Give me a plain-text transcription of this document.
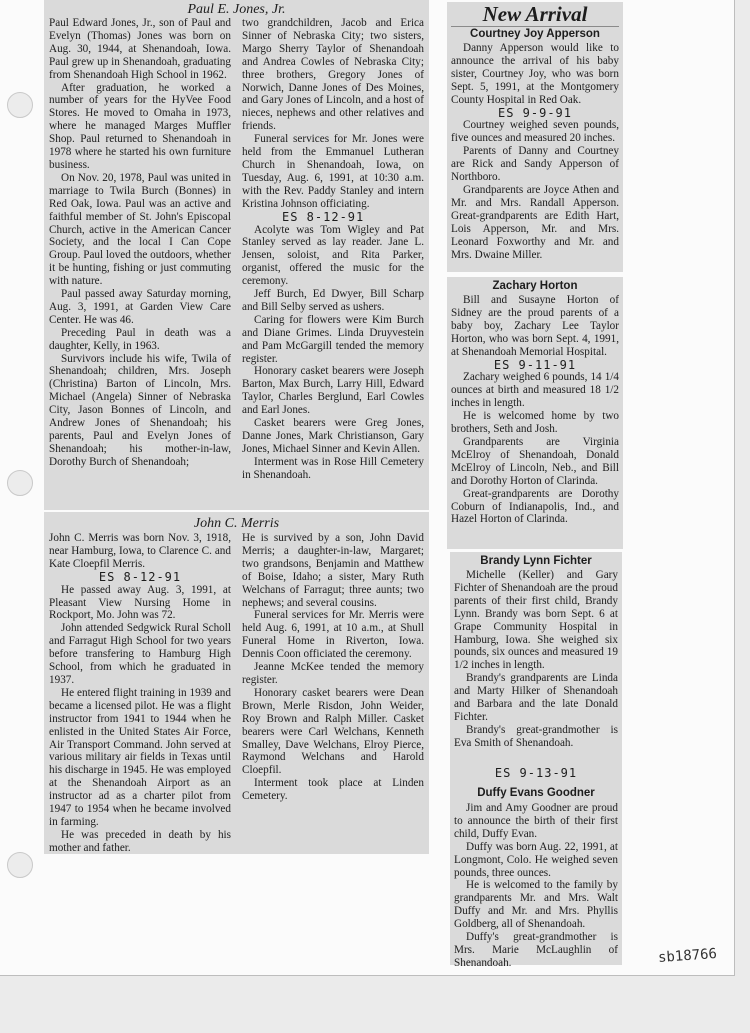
Paul E. Jones, Jr.

Paul Edward Jones, Jr., son of Paul and Evelyn (Thomas) Jones was born on Aug. 30, 1944, at Shenandoah, Iowa. Paul grew up in Shenandoah, graduating from Shenandoah High School in 1962.

After graduation, he worked a number of years for the HyVee Food Stores. He moved to Omaha in 1973, where he managed Marges Muffler Shop. Paul returned to Shenandoah in 1978 where he started his own furniture business.

On Nov. 20, 1978, Paul was united in marriage to Twila Burch (Bonnes) in Red Oak, Iowa. Paul was an active and faithful member of St. John's Episcopal Church, active in the American Cancer Society, and the local I Can Cope Group. Paul loved the outdoors, whether it be hunting, fishing or just commuting with nature.

Paul passed away Saturday morning, Aug. 3, 1991, at Garden View Care Center. He was 46.

Preceding Paul in death was a daughter, Kelly, in 1963.

Survivors include his wife, Twila of Shenandoah; children, Mrs. Joseph (Christina) Barton of Lincoln, Mrs. Michael (Angela) Sinner of Nebraska City, Jason Bonnes of Lincoln, and Andrew Jones of Shenandoah; his parents, Paul and Evelyn Jones of Shenandoah; his mother-in-law, Dorothy Burch of Shenandoah;

two grandchildren, Jacob and Erica Sinner of Nebraska City; two sisters, Margo Sherry Taylor of Shenandoah and Andrea Cowles of Nebraska City; three brothers, Gregory Jones of Norwich, Danne Jones of Des Moines, and Gary Jones of Lincoln, and a host of nieces, nephews and other relatives and friends.

Funeral services for Mr. Jones were held from the Emmanuel Lutheran Church in Shenandoah, Iowa, on Tuesday, Aug. 6, 1991, at 10:30 a.m. with the Rev. Paddy Stanley and intern Kristina Johnson officiating.

ES 8-12-91

Acolyte was Tom Wigley and Pat Stanley served as lay reader. Jane L. Jensen, soloist, and Rita Parker, organist, offered the music for the ceremony.

Jeff Burch, Ed Dwyer, Bill Scharp and Bill Selby served as ushers.

Caring for flowers were Kim Burch and Diane Grimes. Linda Druyvestein and Pam McGargill tended the memory register.

Honorary casket bearers were Joseph Barton, Max Burch, Larry Hill, Edward Taylor, Charles Berglund, Earl Cowles and Earl Jones.

Casket bearers were Greg Jones, Danne Jones, Mark Christianson, Gary Jones, Michael Sinner and Kevin Allen.

Interment was in Rose Hill Cemetery in Shenandoah.

John C. Merris

John C. Merris was born Nov. 3, 1918, near Hamburg, Iowa, to Clarence C. and Kate Cloepfil Merris.

ES 8-12-91

He passed away Aug. 3, 1991, at Pleasant View Nursing Home in Rockport, Mo. John was 72.

John attended Sedgwick Rural Scholl and Farragut High School for two years before transfering to Hamburg High School, from which he graduated in 1937.

He entered flight training in 1939 and became a licensed pilot. He was a flight instructor from 1941 to 1944 when he enlisted in the United States Air Force, Air Transport Command. John served at various military air fields in Texas until his discharge in 1945. He was employed at the Shenandoah Airport as an instructor ad as a charter pilot from 1947 to 1954 when he became involved in farming.

He was preceded in death by his mother and father.

He is survived by a son, John David Merris; a daughter-in-law, Margaret; two grandsons, Benjamin and Matthew of Boise, Idaho; a sister, Mary Ruth Welchans of Farragut; three aunts; two nephews; and several cousins.

Funeral services for Mr. Merris were held Aug. 6, 1991, at 10 a.m., at Shull Funeral Home in Riverton, Iowa. Dennis Coon officiated the ceremony.

Jeanne McKee tended the memory register.

Honorary casket bearers were Dean Brown, Merle Risdon, John Weider, Roy Brown and Ralph Miller. Casket bearers were Carl Welchans, Kenneth Smalley, Dave Welchans, Elroy Pierce, Raymond Welchans and Harold Cloepfil.

Interment took place at Linden Cemetery.

New Arrival
Courtney Joy Apperson

Danny Apperson would like to announce the arrival of his baby sister, Courtney Joy, who was born Sept. 5, 1991, at the Montgomery County Hospital in Red Oak.

ES 9-9-91

Courtney weighed seven pounds, five ounces and measured 20 inches.

Parents of Danny and Courtney are Rick and Sandy Apperson of Northboro.

Grandparents are Joyce Athen and Mr. and Mrs. Randall Apperson. Great-grandparents are Edith Hart, Lois Apperson, Mr. and Mrs. Leonard Foxworthy and Mr. and Mrs. Dwaine Miller.

Zachary Horton

Bill and Susayne Horton of Sidney are the proud parents of a baby boy, Zachary Lee Taylor Horton, who was born Sept. 4, 1991, at Shenandoah Memorial Hospital.

ES 9-11-91

Zachary weighed 6 pounds, 14 1/4 ounces at birth and measured 18 1/2 inches in length.

He is welcomed home by two brothers, Seth and Josh.

Grandparents are Virginia McElroy of Shenandoah, Donald McElroy of Lincoln, Neb., and Bill and Dorothy Horton of Clarinda.

Great-grandparents are Dorothy Coburn of Indianapolis, Ind., and Hazel Horton of Clarinda.

Brandy Lynn Fichter

Michelle (Keller) and Gary Fichter of Shenandoah are the proud parents of their first child, Brandy Lynn. Brandy was born Sept. 6 at Grape Community Hospital in Hamburg, Iowa. She weighed six pounds, six ounces and measured 19 1/2 inches in length.

Brandy's grandparents are Linda and Marty Hilker of Shenandoah and Barbara and the late Donald Fichter.

Brandy's great-grandmother is Eva Smith of Shenandoah.

ES 9-13-91
Duffy Evans Goodner

Jim and Amy Goodner are proud to announce the birth of their first child, Duffy Evan.

Duffy was born Aug. 22, 1991, at Longmont, Colo. He weighed seven pounds, three ounces.

He is welcomed to the family by grandparents Mr. and Mrs. Walt Duffy and Mr. and Mrs. Phyllis Goldberg, all of Shenandoah.

Duffy's great-grandmother is Mrs. Marie McLaughlin of Shenandoah.	sb18766
